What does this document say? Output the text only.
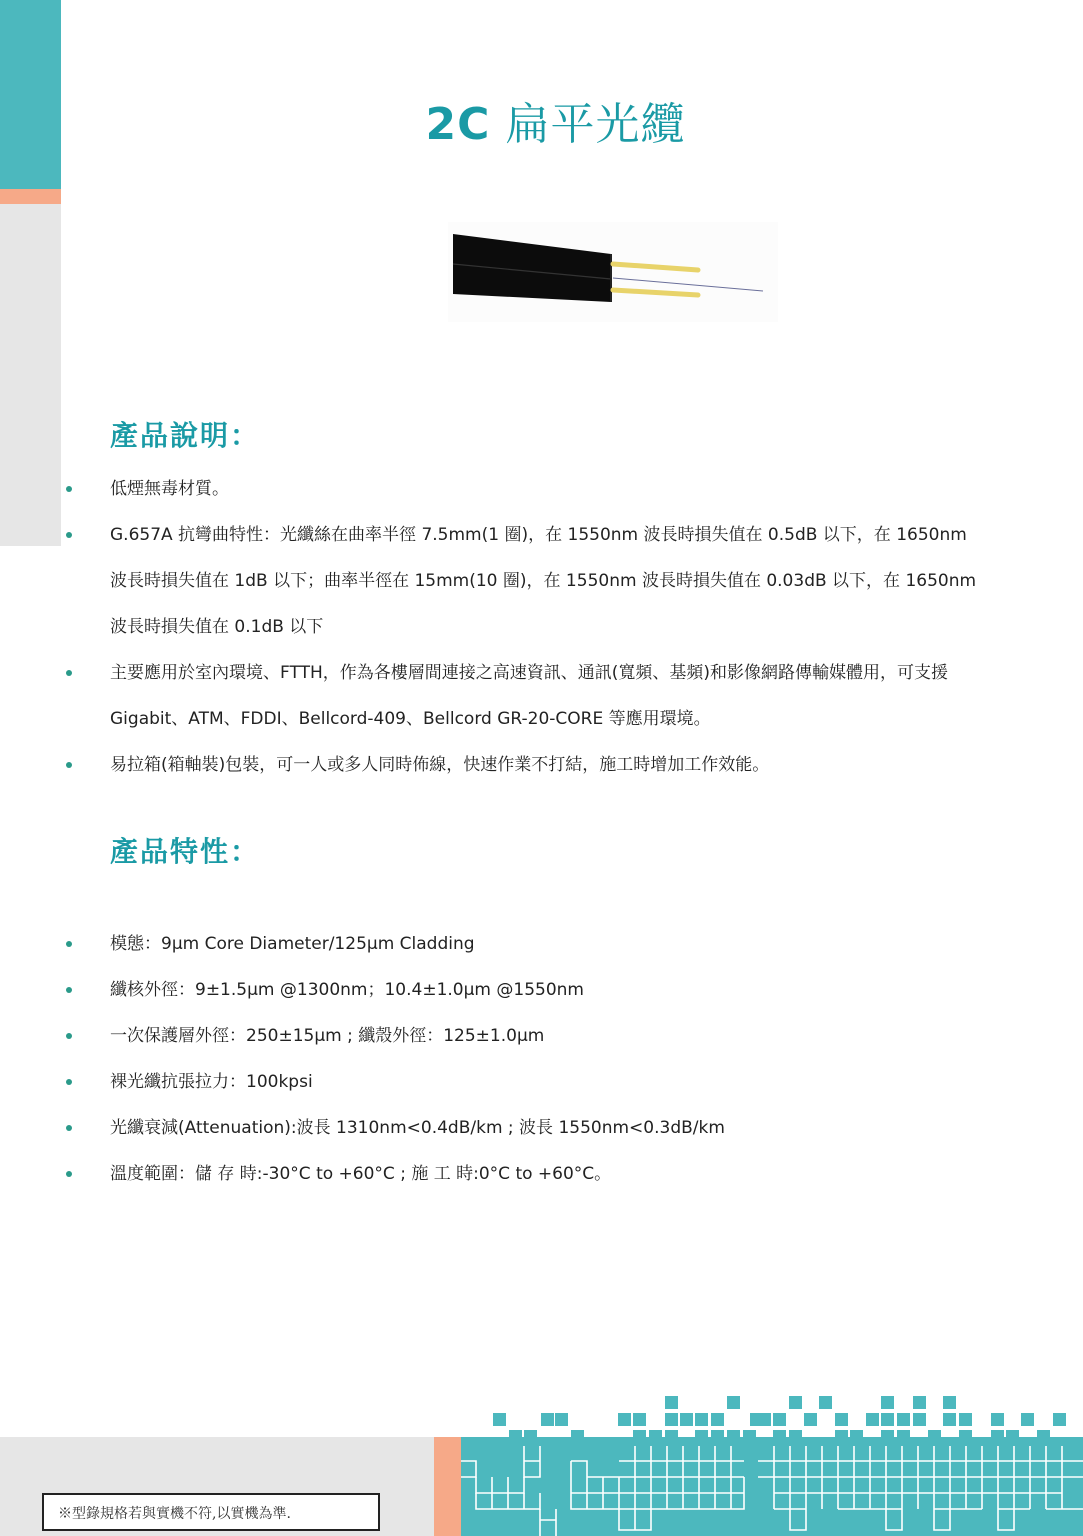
2C 扁平光纜
產品說明：
低煙無毒材質。
G.657A 抗彎曲特性：光纖絲在曲率半徑 7.5mm(1 圈)，在 1550nm 波長時損失值在 0.5dB 以下，在 1650nm
波長時損失值在 1dB 以下；曲率半徑在 15mm(10 圈)，在 1550nm 波長時損失值在 0.03dB 以下，在 1650nm
波長時損失值在 0.1dB 以下
主要應用於室內環境、FTTH，作為各樓層間連接之高速資訊、通訊(寬頻、基頻)和影像網路傳輸媒體用，可支援
Gigabit、ATM、FDDI、Bellcord-409、Bellcord GR-20-CORE 等應用環境。
易拉箱(箱軸裝)包裝，可一人或多人同時佈線，快速作業不打結，施工時增加工作效能。
產品特性：
模態：9μm Core Diameter/125μm Cladding
纖核外徑：9±1.5μm @1300nm；10.4±1.0μm @1550nm
一次保護層外徑：250±15μm ; 纖殼外徑：125±1.0μm
裸光纖抗張拉力：100kpsi
光纖衰減(Attenuation):波長 1310nm<0.4dB/km ; 波長 1550nm<0.3dB/km
溫度範圍：儲 存 時:-30°C to +60°C ; 施 工 時:0°C to +60°C。
※型錄規格若與實機不符,以實機為準.
